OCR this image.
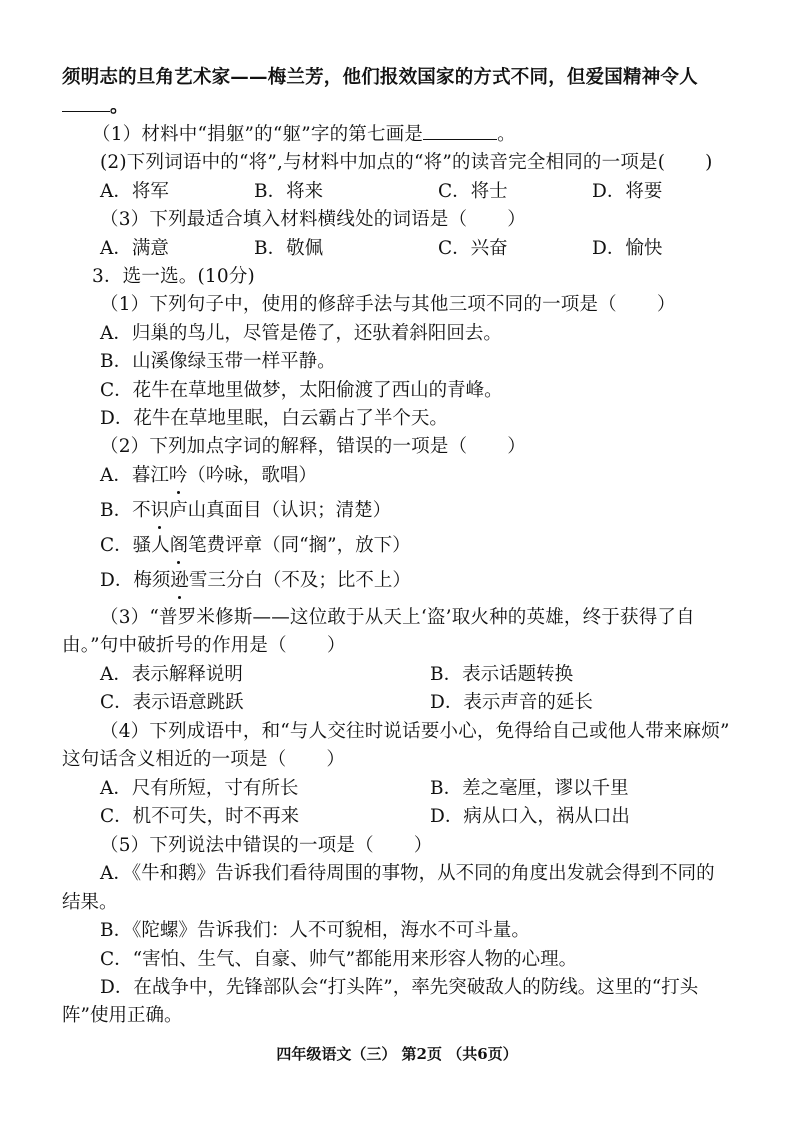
须明志的旦角艺术家——梅兰芳，他们报效国家的方式不同，但爱国精神令人
。
（1）材料中“捐躯”的“躯”字的第七画是	。
(2)下列词语中的“将”,与材料中加点的“将”的读音完全相同的一项是( )
A．将军	B．将来	C．将士	D．将要
（3）下列最适合填入材料横线处的词语是（ ）
A．满意	B．敬佩	C．兴奋	D．愉快
3．选一选。(10分)
（1）下列句子中，使用的修辞手法与其他三项不同的一项是（ ）
A．归巢的鸟儿，尽管是倦了，还驮着斜阳回去。
B．山溪像绿玉带一样平静。
C．花牛在草地里做梦，太阳偷渡了西山的青峰。
D．花牛在草地里眠，白云霸占了半个天。
（2）下列加点字词的解释，错误的一项是（ ）
A．暮江吟（吟咏，歌唱）
B．不识庐山真面目（认识；清楚）
C．骚人阁笔费评章（同“搁”，放下）
D．梅须逊雪三分白（不及；比不上）
（3）“普罗米修斯——这位敢于从天上‘盗’取火种的英雄，终于获得了自
由。”句中破折号的作用是（ ）
A．表示解释说明	B．表示话题转换
C．表示语意跳跃	D．表示声音的延长
（4）下列成语中，和“与人交往时说话要小心，免得给自己或他人带来麻烦”
这句话含义相近的一项是（ ）
A．尺有所短，寸有所长	B．差之毫厘，谬以千里
C．机不可失，时不再来	D．病从口入，祸从口出
（5）下列说法中错误的一项是（ ）
A．《牛和鹅》告诉我们看待周围的事物，从不同的角度出发就会得到不同的
结果。
B．《陀螺》告诉我们：人不可貌相，海水不可斗量。
C．“害怕、生气、自豪、帅气”都能用来形容人物的心理。
D．在战争中，先锋部队会“打头阵”，率先突破敌人的防线。这里的“打头
阵”使用正确。
四年级语文（三） 第2页 （共6页）
